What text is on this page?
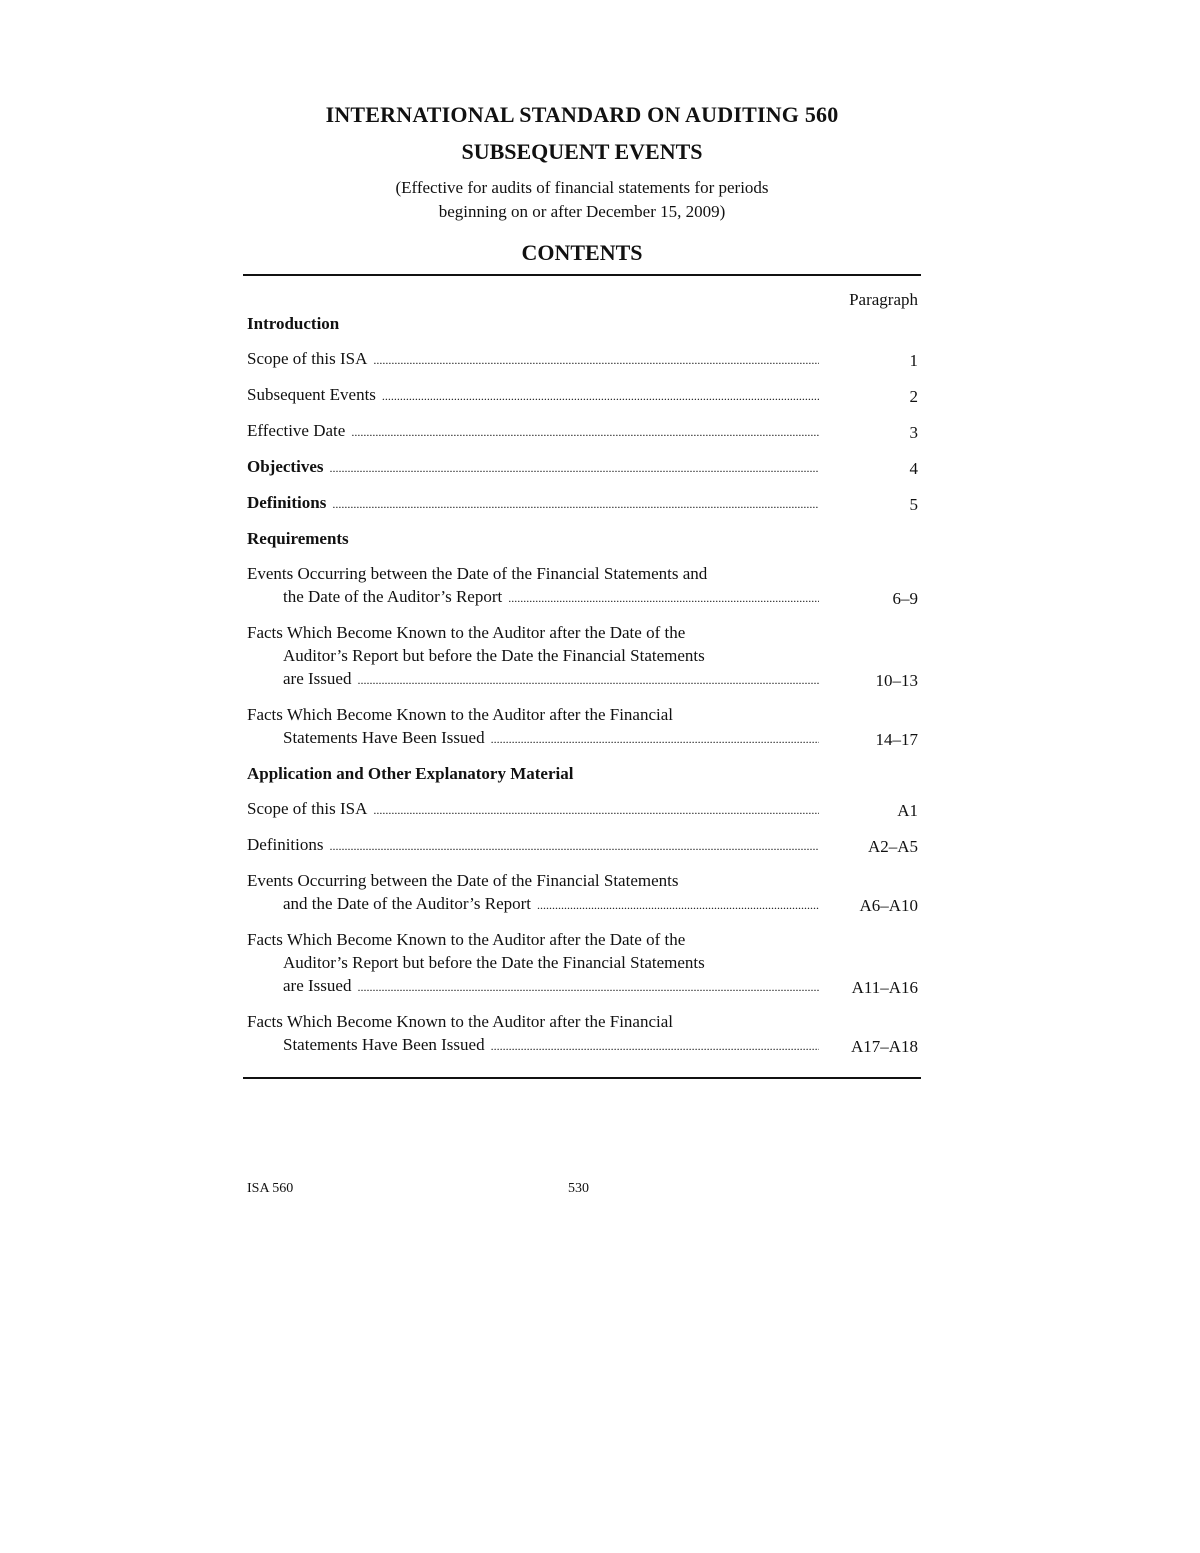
INTERNATIONAL STANDARD ON AUDITING 560
SUBSEQUENT EVENTS
(Effective for audits of financial statements for periods
beginning on or after December 15, 2009)
CONTENTS
Paragraph
Introduction
Scope of this ISA .....	1
Subsequent Events .....	2
Effective Date .....	3
Objectives .....	4
Definitions .....	5
Requirements
Events Occurring between the Date of the Financial Statements and
the Date of the Auditor’s Report .....	6–9
Facts Which Become Known to the Auditor after the Date of the
Auditor’s Report but before the Date the Financial Statements
are Issued .....	10–13
Facts Which Become Known to the Auditor after the Financial
Statements Have Been Issued .....	14–17
Application and Other Explanatory Material
Scope of this ISA .....	A1
Definitions .....	A2–A5
Events Occurring between the Date of the Financial Statements
and the Date of the Auditor’s Report .....	A6–A10
Facts Which Become Known to the Auditor after the Date of the
Auditor’s Report but before the Date the Financial Statements
are Issued .....	A11–A16
Facts Which Become Known to the Auditor after the Financial
Statements Have Been Issued .....	A17–A18
ISA 560	530
